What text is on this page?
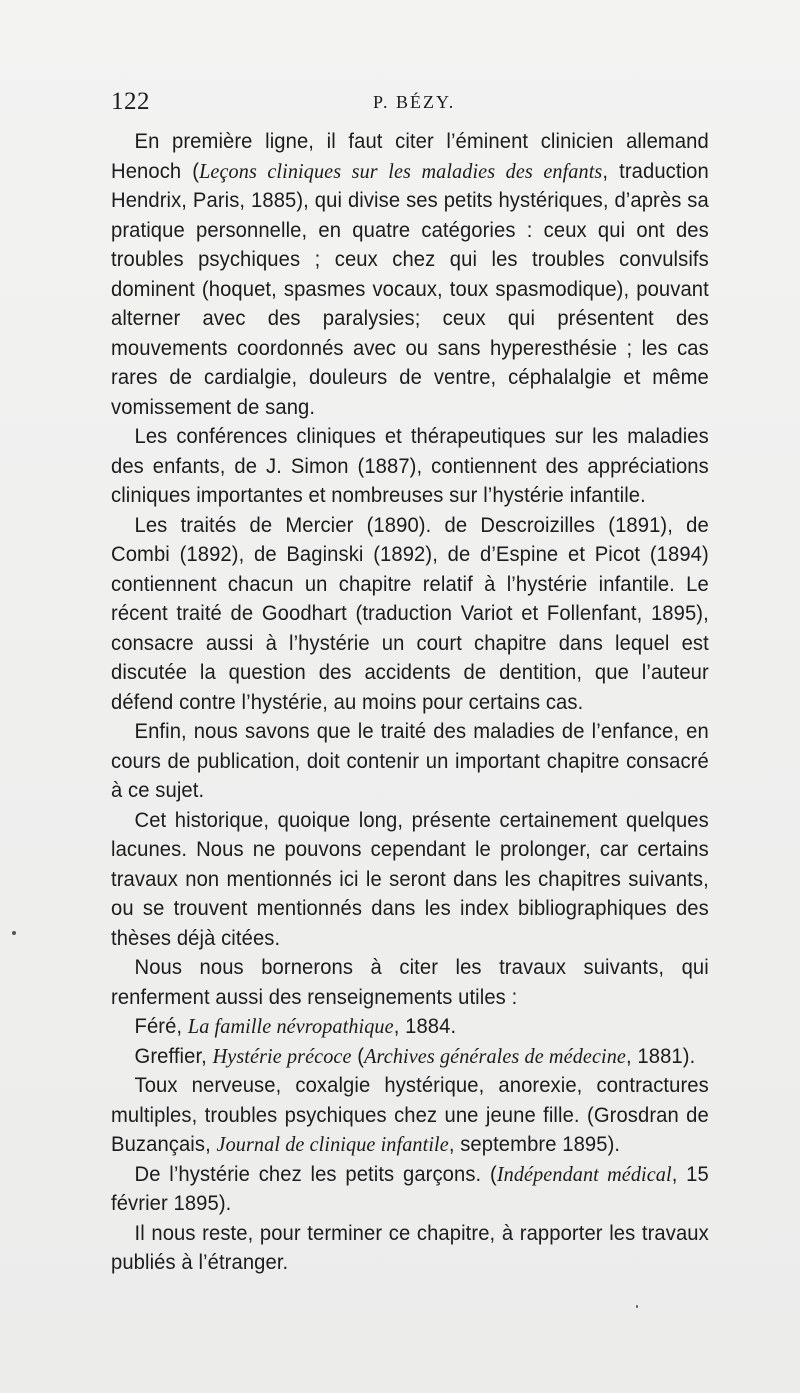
122	P. BÉZY.

En première ligne, il faut citer l’éminent clinicien allemand Henoch (Leçons cliniques sur les maladies des enfants, traduction Hendrix, Paris, 1885), qui divise ses petits hystériques, d’après sa pratique personnelle, en quatre catégories : ceux qui ont des troubles psychiques ; ceux chez qui les troubles convulsifs dominent (hoquet, spasmes vocaux, toux spasmodique), pouvant alterner avec des paralysies; ceux qui présentent des mouvements coordonnés avec ou sans hyperesthésie ; les cas rares de cardialgie, douleurs de ventre, céphalalgie et même vomissement de sang.

Les conférences cliniques et thérapeutiques sur les maladies des enfants, de J. Simon (1887), contiennent des appréciations cliniques importantes et nombreuses sur l’hystérie infantile.

Les traités de Mercier (1890). de Descroizilles (1891), de Combi (1892), de Baginski (1892), de d’Espine et Picot (1894) contiennent chacun un chapitre relatif à l’hystérie infantile. Le récent traité de Goodhart (traduction Variot et Follenfant, 1895), consacre aussi à l’hystérie un court chapitre dans lequel est discutée la question des accidents de dentition, que l’auteur défend contre l’hystérie, au moins pour certains cas.

Enfin, nous savons que le traité des maladies de l’enfance, en cours de publication, doit contenir un important chapitre consacré à ce sujet.

Cet historique, quoique long, présente certainement quelques lacunes. Nous ne pouvons cependant le prolonger, car certains travaux non mentionnés ici le seront dans les chapitres suivants, ou se trouvent mentionnés dans les index bibliographiques des thèses déjà citées.

Nous nous bornerons à citer les travaux suivants, qui renferment aussi des renseignements utiles :

Féré, La famille névropathique, 1884.

Greffier, Hystérie précoce (Archives générales de médecine, 1881).

Toux nerveuse, coxalgie hystérique, anorexie, contractures multiples, troubles psychiques chez une jeune fille. (Grosdran de Buzançais, Journal de clinique infantile, septembre 1895).

De l’hystérie chez les petits garçons. (Indépendant médical, 15 février 1895).

Il nous reste, pour terminer ce chapitre, à rapporter les travaux publiés à l’étranger.
